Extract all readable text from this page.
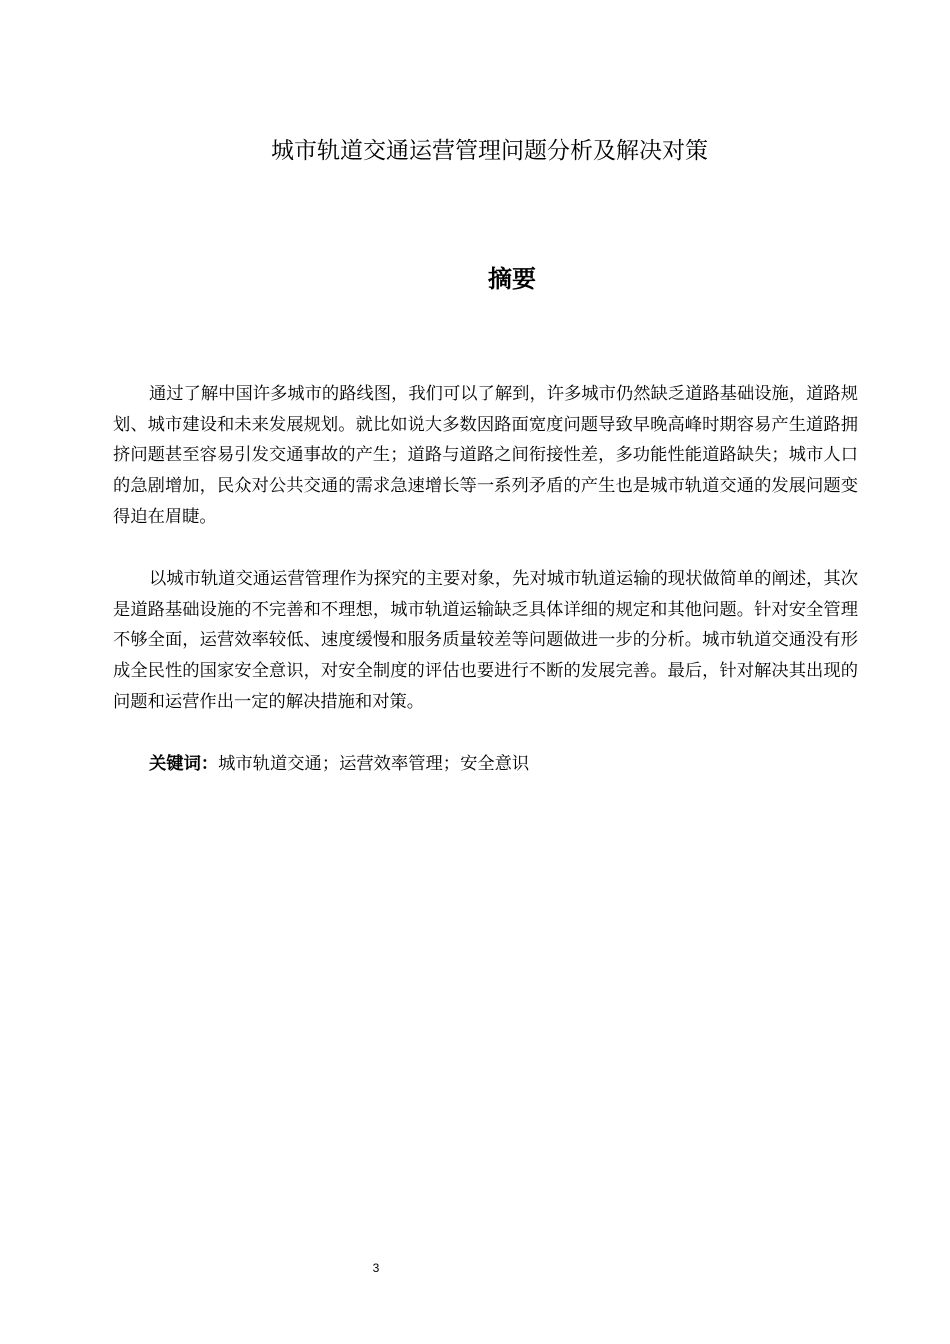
城市轨道交通运营管理问题分析及解决对策
摘要

通过了解中国许多城市的路线图，我们可以了解到，许多城市仍然缺乏道路基础设施，道路规划、城市建设和未来发展规划。就比如说大多数因路面宽度问题导致早晚高峰时期容易产生道路拥挤问题甚至容易引发交通事故的产生；道路与道路之间衔接性差，多功能性能道路缺失；城市人口的急剧增加，民众对公共交通的需求急速增长等一系列矛盾的产生也是城市轨道交通的发展问题变得迫在眉睫。

以城市轨道交通运营管理作为探究的主要对象，先对城市轨道运输的现状做简单的阐述，其次是道路基础设施的不完善和不理想，城市轨道运输缺乏具体详细的规定和其他问题。针对安全管理不够全面，运营效率较低、速度缓慢和服务质量较差等问题做进一步的分析。城市轨道交通没有形成全民性的国家安全意识，对安全制度的评估也要进行不断的发展完善。最后，针对解决其出现的问题和运营作出一定的解决措施和对策。

关键词：城市轨道交通；运营效率管理；安全意识
3
